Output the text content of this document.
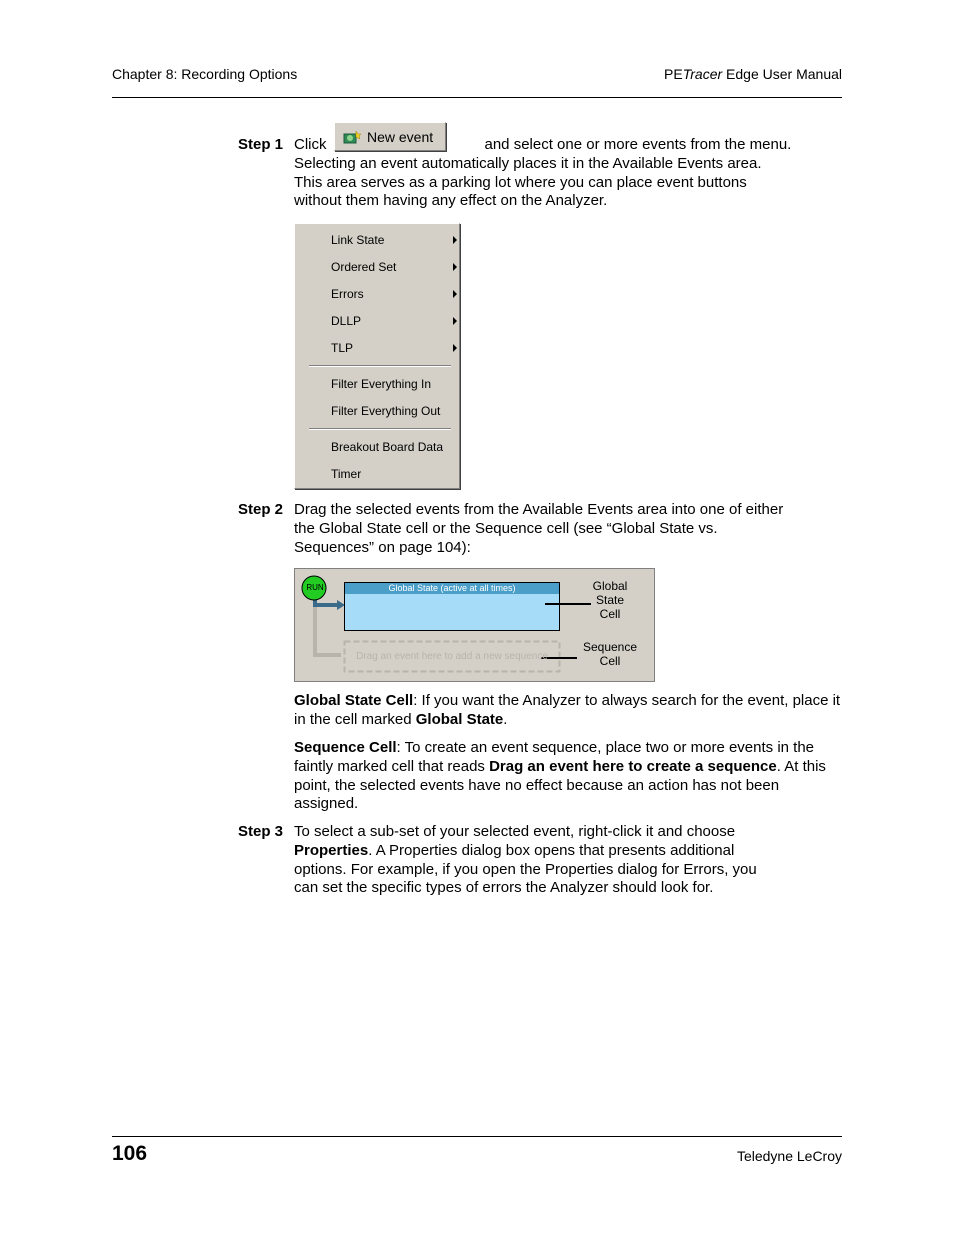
Chapter 8: Recording Options	PETracer Edge User Manual
Step 1 Click	and select one or more events from the menu.
Selecting an event automatically places it in the Available Events area. This area serves as a parking lot where you can place event buttons without them having any effect on the Analyzer.
New event
Link State
Ordered Set
Errors
DLLP
TLP
Filter Everything In
Filter Everything Out
Breakout Board Data
Timer
Step 2 Drag the selected events from the Available Events area into one of either the Global State cell or the Sequence cell (see “Global State vs. Sequences” on page 104):
RUN	Global State (active at all times)
Drag an event here to add a new sequence
Global
State
Cell
Sequence
Cell
Global State Cell: If you want the Analyzer to always search for the event, place it in the cell marked Global State.
Sequence Cell: To create an event sequence, place two or more events in the faintly marked cell that reads Drag an event here to create a sequence. At this point, the selected events have no effect because an action has not been assigned.
Step 3 To select a sub-set of your selected event, right-click it and choose Properties. A Properties dialog box opens that presents additional options. For example, if you open the Properties dialog for Errors, you can set the specific types of errors the Analyzer should look for.
106	Teledyne LeCroy
